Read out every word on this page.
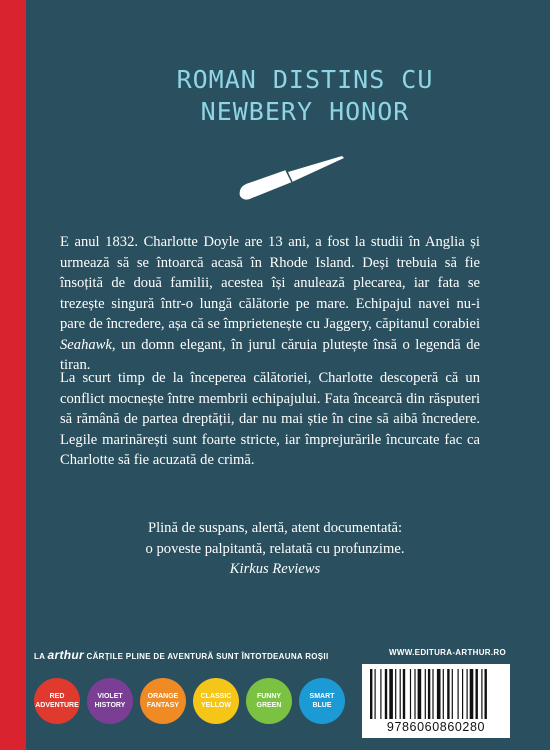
ROMAN DISTINS CU
NEWBERY HONOR

E anul 1832. Charlotte Doyle are 13 ani, a fost la studii în Anglia și urmează să se întoarcă acasă în Rhode Island. Deși trebuia să fie însoțită de două familii, acestea își anulează plecarea, iar fata se trezește singură într-o lungă călătorie pe mare. Echipajul navei nu-i pare de încredere, așa că se împrietenește cu Jaggery, căpitanul corabiei Seahawk, un domn elegant, în jurul căruia plutește însă o legendă de tiran.

La scurt timp de la începerea călătoriei, Charlotte descoperă că un conflict mocnește între membrii echipajului. Fata încearcă din răsputeri să rămână de partea dreptății, dar nu mai știe în cine să aibă încredere. Legile marinărești sunt foarte stricte, iar împrejurările încurcate fac ca Charlotte să fie acuzată de crimă.

Plină de suspans, alertă, atent documentată:
o poveste palpitantă, relatată cu profunzime.
Kirkus Reviews
LA arthur CĂRȚILE PLINE DE AVENTURĂ SUNT ÎNTOTDEAUNA ROȘII	WWW.EDITURA-ARTHUR.RO
RED
ADVENTURE
VIOLET
HISTORY
ORANGE
FANTASY
CLASSIC
YELLOW
FUNNY
GREEN
SMART
BLUE
9786060860280
